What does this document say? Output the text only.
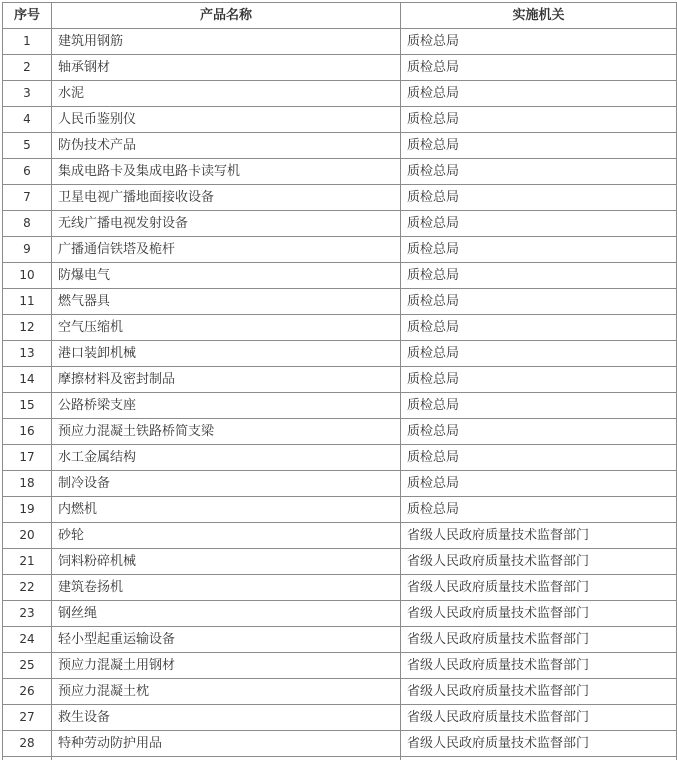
序号	产品名称	实施机关
1	建筑用钢筋	质检总局
2	轴承钢材	质检总局
3	水泥	质检总局
4	人民币鉴别仪	质检总局
5	防伪技术产品	质检总局
6	集成电路卡及集成电路卡读写机	质检总局
7	卫星电视广播地面接收设备	质检总局
8	无线广播电视发射设备	质检总局
9	广播通信铁塔及桅杆	质检总局
10	防爆电气	质检总局
11	燃气器具	质检总局
12	空气压缩机	质检总局
13	港口装卸机械	质检总局
14	摩擦材料及密封制品	质检总局
15	公路桥梁支座	质检总局
16	预应力混凝土铁路桥简支梁	质检总局
17	水工金属结构	质检总局
18	制冷设备	质检总局
19	内燃机	质检总局
20	砂轮	省级人民政府质量技术监督部门
21	饲料粉碎机械	省级人民政府质量技术监督部门
22	建筑卷扬机	省级人民政府质量技术监督部门
23	钢丝绳	省级人民政府质量技术监督部门
24	轻小型起重运输设备	省级人民政府质量技术监督部门
25	预应力混凝土用钢材	省级人民政府质量技术监督部门
26	预应力混凝土枕	省级人民政府质量技术监督部门
27	救生设备	省级人民政府质量技术监督部门
28	特种劳动防护用品	省级人民政府质量技术监督部门
